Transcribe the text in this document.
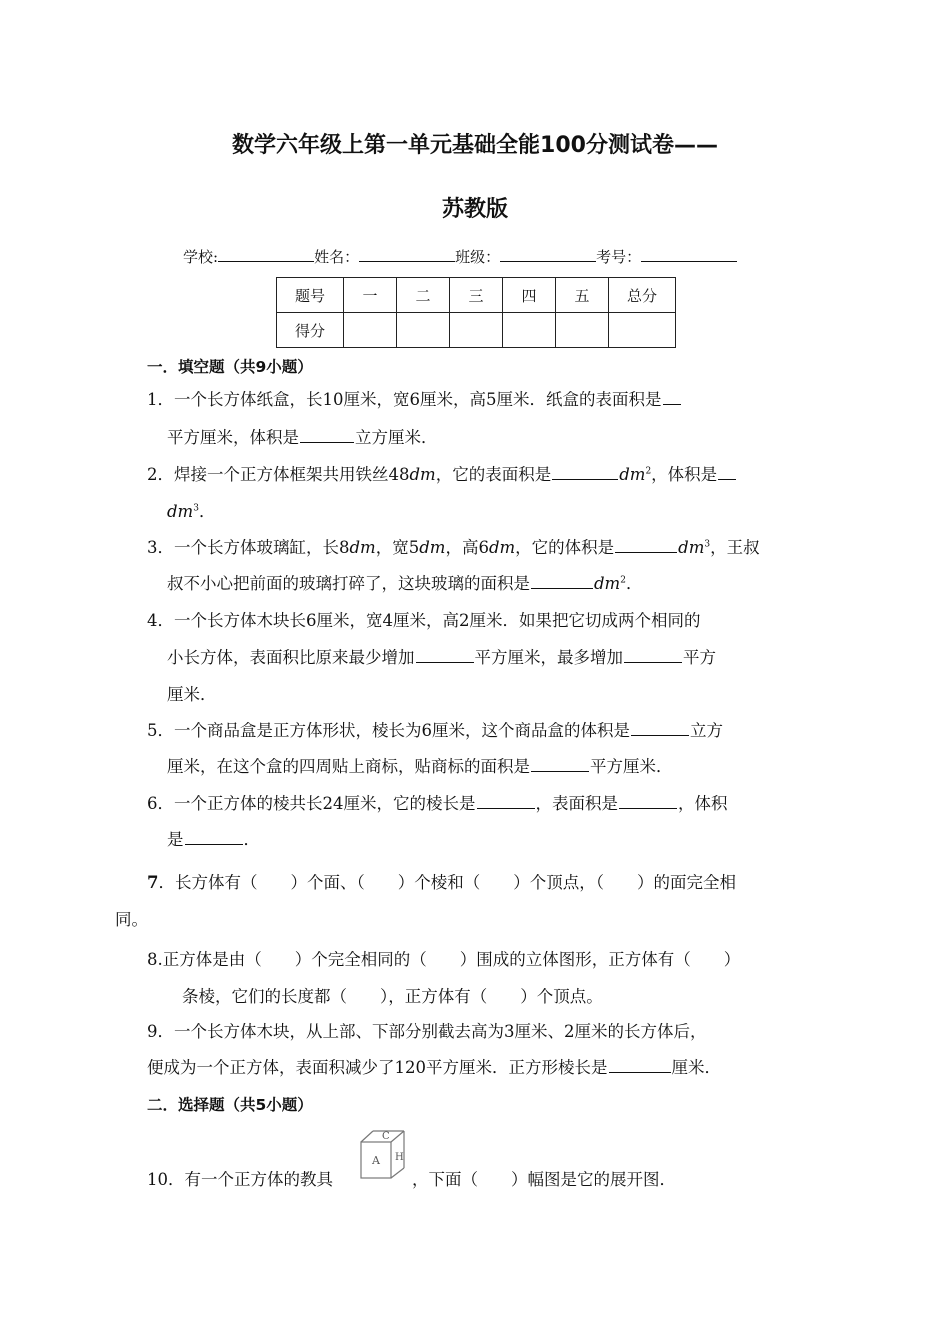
数学六年级上第一单元基础全能100分测试卷——
苏教版
学校:	姓名：	班级：	考号：
题号	一	二	三	四	五	总分
得分						
一．填空题（共9小题）
1．一个长方体纸盒，长10厘米，宽6厘米，高5厘米．纸盒的表面积是
平方厘米，体积是	立方厘米．
2．焊接一个正方体框架共用铁丝48dm，它的表面积是	$dm^2$，体积是
$dm^3$．
3．一个长方体玻璃缸，长8dm，宽5dm，高6dm，它的体积是	$dm^3$，王叔
叔不小心把前面的玻璃打碎了，这块玻璃的面积是	$dm^2$．
4．一个长方体木块长6厘米，宽4厘米，高2厘米．如果把它切成两个相同的
小长方体，表面积比原来最少增加	平方厘米，最多增加	平方
厘米．
5．一个商品盒是正方体形状，棱长为6厘米，这个商品盒的体积是	立方
厘米，在这个盒的四周贴上商标，贴商标的面积是	平方厘米．
6．一个正方体的棱共长24厘米，它的棱长是	，表面积是	，体积
是	．
7．长方体有（　　）个面、（　　）个棱和（　　）个顶点，（　　）的面完全相
同。
8.正方体是由（　　）个完全相同的（　　）围成的立体图形，正方体有（　　）
条棱，它们的长度都（　　），正方体有（　　）个顶点。
9．一个长方体木块，从上部、下部分别截去高为3厘米、2厘米的长方体后，
便成为一个正方体，表面积减少了120平方厘米．正方形棱长是	厘米．
二．选择题（共5小题）
10．有一个正方体的教具
C
A H
，下面（　　）幅图是它的展开图．
